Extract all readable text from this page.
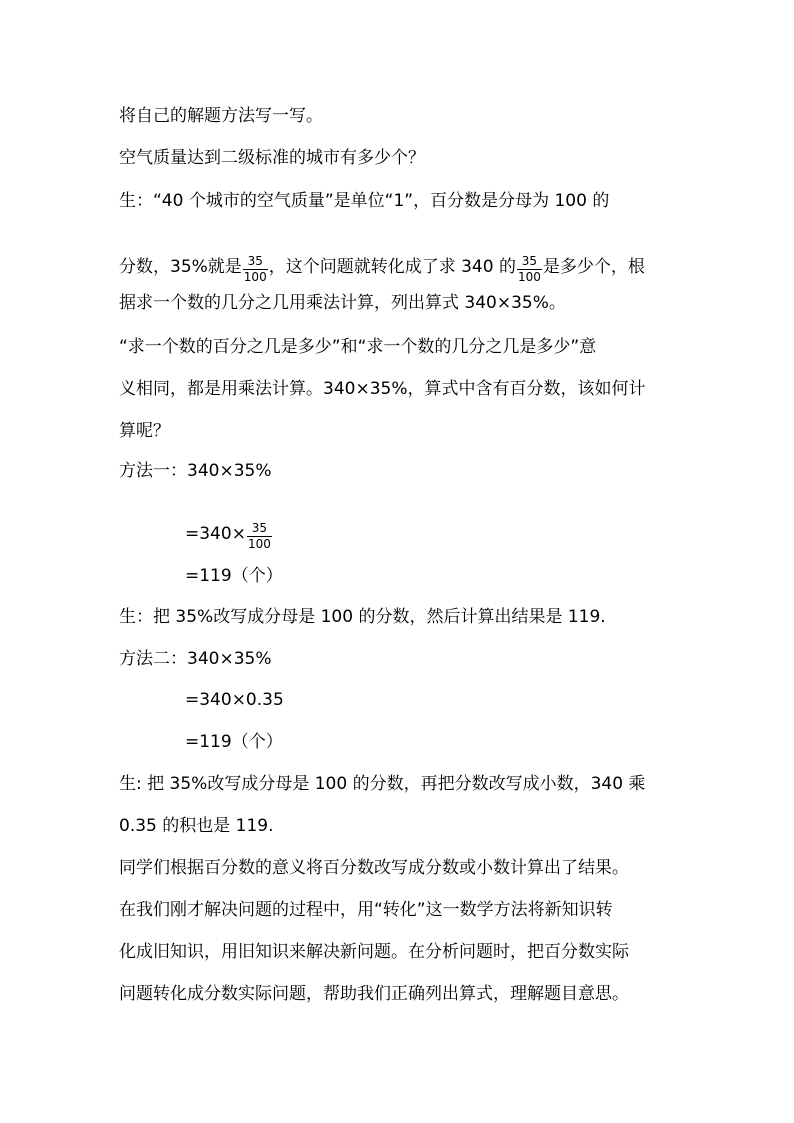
将自己的解题方法写一写。
空气质量达到二级标准的城市有多少个？
生：“40 个城市的空气质量”是单位“1”，百分数是分母为 100 的
分数，35%就是 $\frac{35}{100}$ ，这个问题就转化成了求 340 的 $\frac{35}{100}$ 是多少个，根
据求一个数的几分之几用乘法计算，列出算式 340×35%。
“求一个数的百分之几是多少”和“求一个数的几分之几是多少”意
义相同，都是用乘法计算。340×35%，算式中含有百分数，该如何计
算呢？
方法一：340×35%
$=340\times \frac{35}{100}$
=119（个）
生：把 35%改写成分母是 100 的分数，然后计算出结果是 119.
方法二：340×35%
=340×0.35
=119（个）
生: 把 35%改写成分母是 100 的分数，再把分数改写成小数，340 乘
0.35 的积也是 119.
同学们根据百分数的意义将百分数改写成分数或小数计算出了结果。
在我们刚才解决问题的过程中，用“转化”这一数学方法将新知识转
化成旧知识，用旧知识来解决新问题。在分析问题时，把百分数实际
问题转化成分数实际问题，帮助我们正确列出算式，理解题目意思。
